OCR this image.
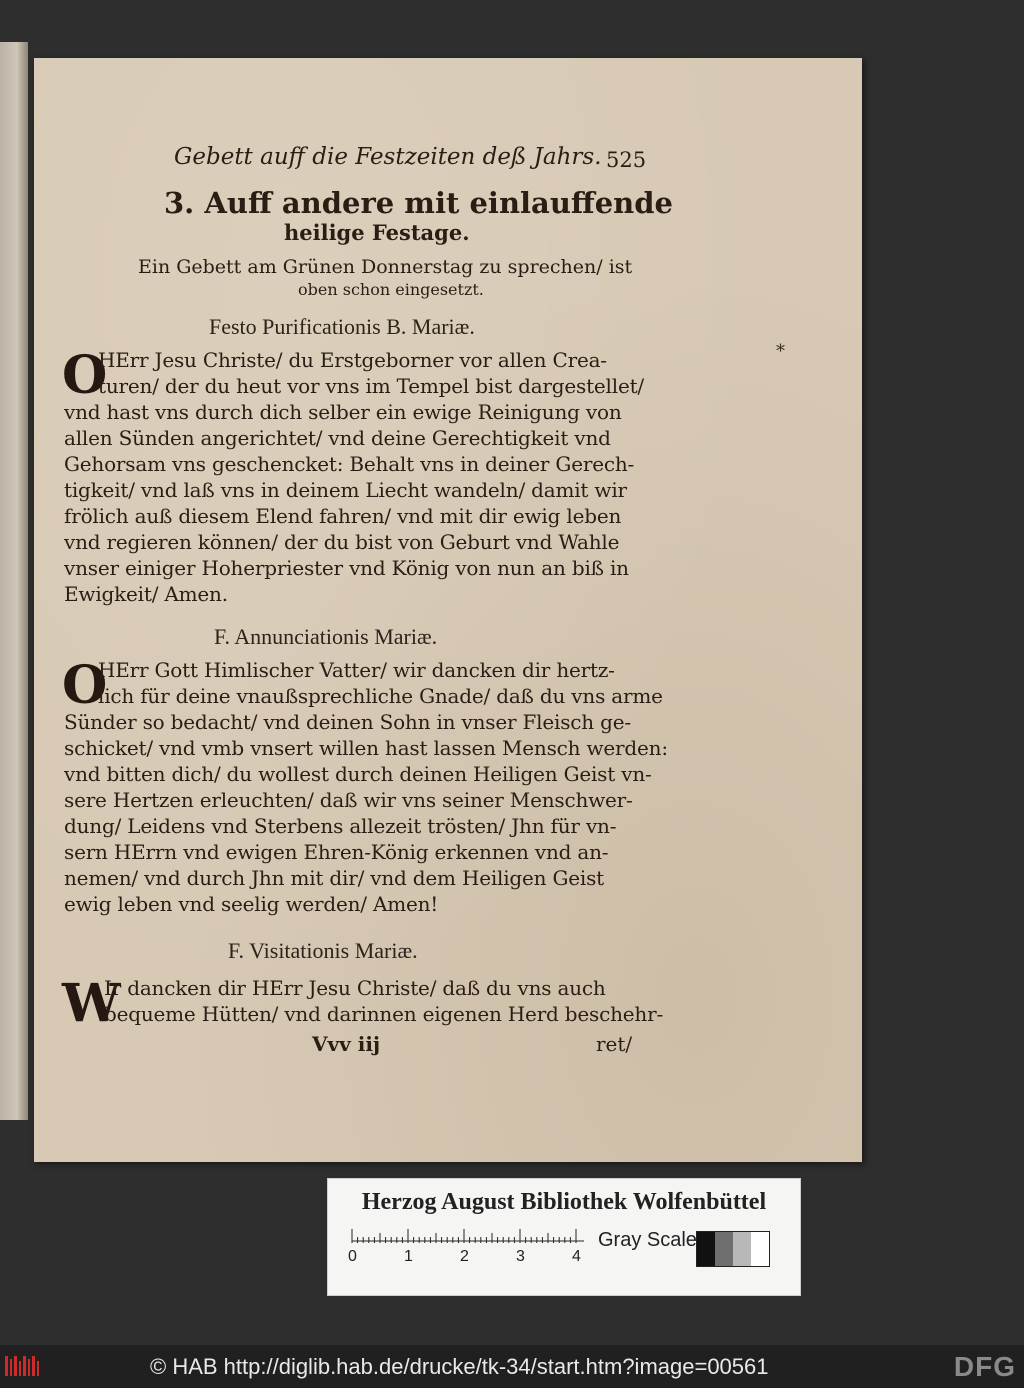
Gebett auff die Festzeiten deß Jahrs. 525
3. Auff andere mit einlauffende
heilige Festage.
Ein Gebett am Grünen Donnerstag zu sprechen/ ist
oben schon eingesetzt.
*
Festo Purificationis B. Mariæ.
O
HErr Jesu Christe/ du Erstgeborner vor allen Crea-
turen/ der du heut vor vns im Tempel bist dargestellet/
vnd hast vns durch dich selber ein ewige Reinigung von
allen Sünden angerichtet/ vnd deine Gerechtigkeit vnd
Gehorsam vns geschencket: Behalt vns in deiner Gerech-
tigkeit/ vnd laß vns in deinem Liecht wandeln/ damit wir
frölich auß diesem Elend fahren/ vnd mit dir ewig leben
vnd regieren können/ der du bist von Geburt vnd Wahle
vnser einiger Hoherpriester vnd König von nun an biß in
Ewigkeit/ Amen.
F. Annunciationis Mariæ.
O
HErr Gott Himlischer Vatter/ wir dancken dir hertz-
lich für deine vnaußsprechliche Gnade/ daß du vns arme
Sünder so bedacht/ vnd deinen Sohn in vnser Fleisch ge-
schicket/ vnd vmb vnsert willen hast lassen Mensch werden:
vnd bitten dich/ du wollest durch deinen Heiligen Geist vn-
sere Hertzen erleuchten/ daß wir vns seiner Menschwer-
dung/ Leidens vnd Sterbens allezeit trösten/ Jhn für vn-
sern HErrn vnd ewigen Ehren-König erkennen vnd an-
nemen/ vnd durch Jhn mit dir/ vnd dem Heiligen Geist
ewig leben vnd seelig werden/ Amen!
F. Visitationis Mariæ.
W
Ir dancken dir HErr Jesu Christe/ daß du vns auch
bequeme Hütten/ vnd darinnen eigenen Herd beschehr-
Vvv iij	ret/
Herzog August Bibliothek Wolfenbüttel
0	1	2	3	4
Gray Scale
© HAB http://diglib.hab.de/drucke/tk-34/start.htm?image=00561	DFG
